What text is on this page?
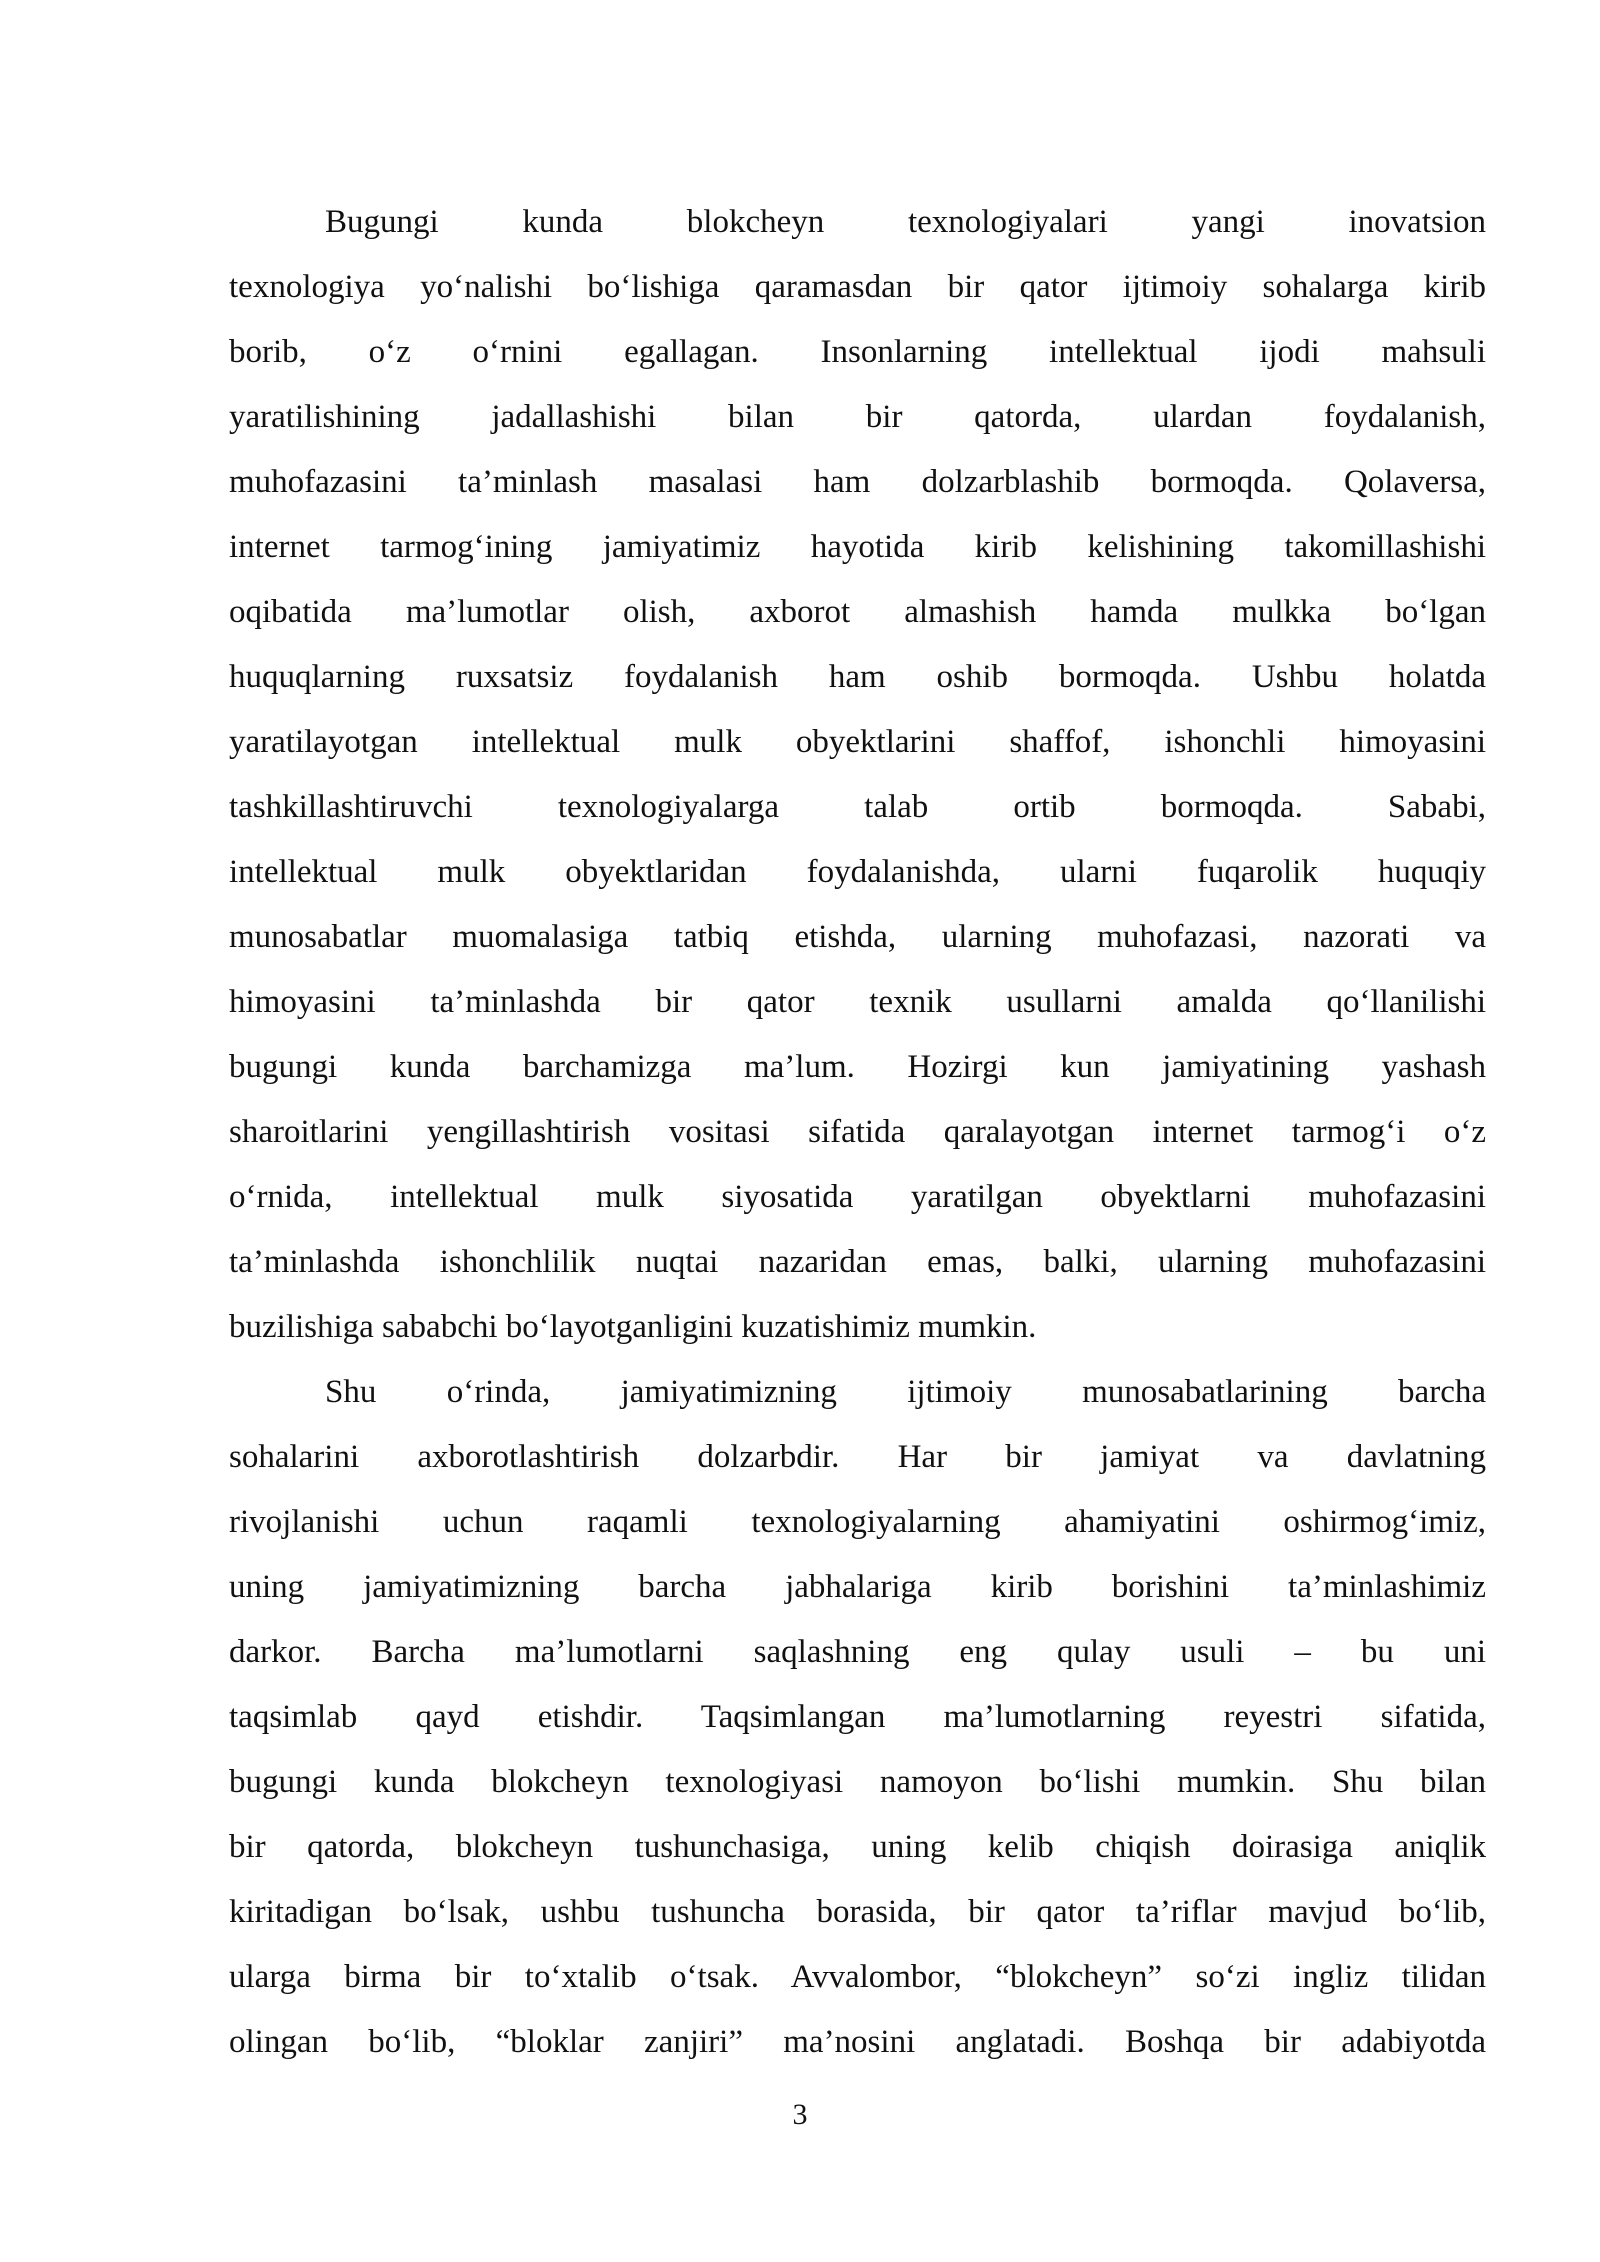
Bugungi kunda blokcheyn texnologiyalari yangi inovatsion
texnologiya yo‘nalishi bo‘lishiga qaramasdan bir qator ijtimoiy sohalarga kirib
borib, o‘z o‘rnini egallagan. Insonlarning intellektual ijodi mahsuli
yaratilishining jadallashishi bilan bir qatorda, ulardan foydalanish,
muhofazasini ta’minlash masalasi ham dolzarblashib bormoqda. Qolaversa,
internet tarmog‘ining jamiyatimiz hayotida kirib kelishining takomillashishi
oqibatida ma’lumotlar olish, axborot almashish hamda mulkka bo‘lgan
huquqlarning ruxsatsiz foydalanish ham oshib bormoqda. Ushbu holatda
yaratilayotgan intellektual mulk obyektlarini shaffof, ishonchli himoyasini
tashkillashtiruvchi texnologiyalarga talab ortib bormoqda. Sababi,
intellektual mulk obyektlaridan foydalanishda, ularni fuqarolik huquqiy
munosabatlar muomalasiga tatbiq etishda, ularning muhofazasi, nazorati va
himoyasini ta’minlashda bir qator texnik usullarni amalda qo‘llanilishi
bugungi kunda barchamizga ma’lum. Hozirgi kun jamiyatining yashash
sharoitlarini yengillashtirish vositasi sifatida qaralayotgan internet tarmog‘i o‘z
o‘rnida, intellektual mulk siyosatida yaratilgan obyektlarni muhofazasini
ta’minlashda ishonchlilik nuqtai nazaridan emas, balki, ularning muhofazasini
buzilishiga sababchi bo‘layotganligini kuzatishimiz mumkin.
Shu o‘rinda, jamiyatimizning ijtimoiy munosabatlarining barcha
sohalarini axborotlashtirish dolzarbdir. Har bir jamiyat va davlatning
rivojlanishi uchun raqamli texnologiyalarning ahamiyatini oshirmog‘imiz,
uning jamiyatimizning barcha jabhalariga kirib borishini ta’minlashimiz
darkor. Barcha ma’lumotlarni saqlashning eng qulay usuli – bu uni
taqsimlab qayd etishdir. Taqsimlangan ma’lumotlarning reyestri sifatida,
bugungi kunda blokcheyn texnologiyasi namoyon bo‘lishi mumkin. Shu bilan
bir qatorda, blokcheyn tushunchasiga, uning kelib chiqish doirasiga aniqlik
kiritadigan bo‘lsak, ushbu tushuncha borasida, bir qator ta’riflar mavjud bo‘lib,
ularga birma bir to‘xtalib o‘tsak. Avvalombor, “blokcheyn” so‘zi ingliz tilidan
olingan bo‘lib, “bloklar zanjiri” ma’nosini anglatadi. Boshqa bir adabiyotda
3
